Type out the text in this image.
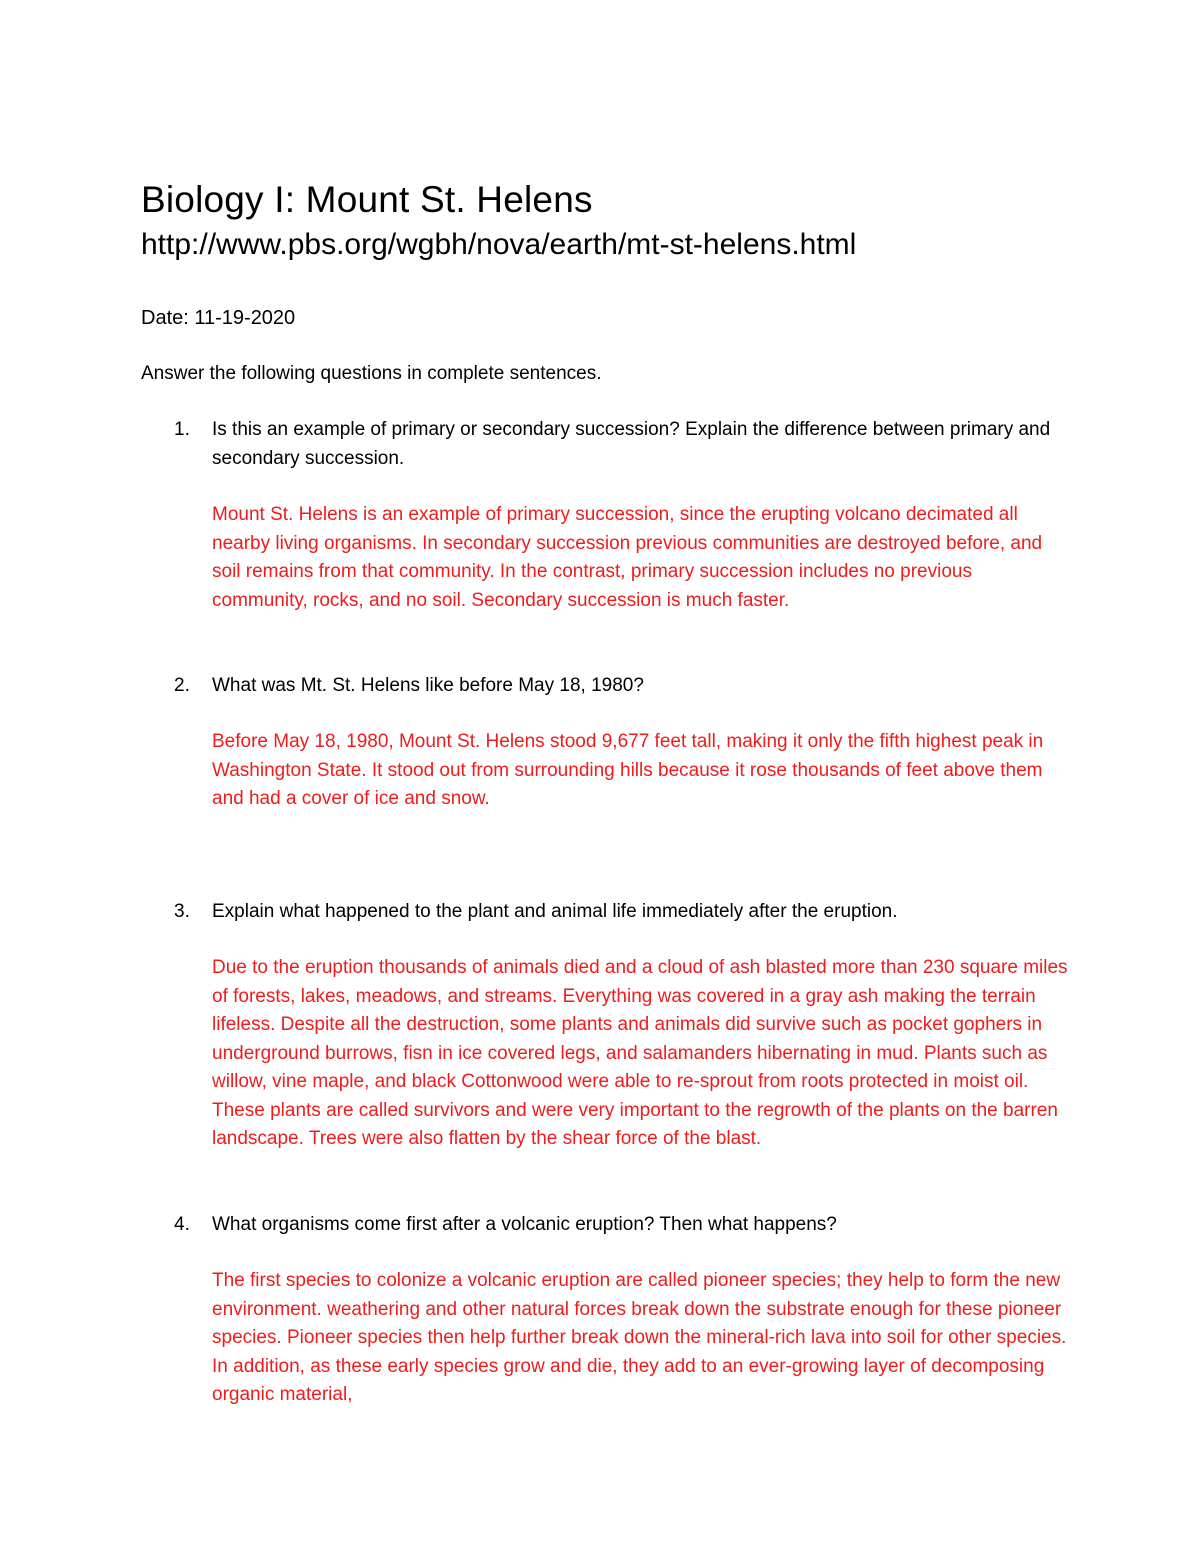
Biology I: Mount St. Helens
http://www.pbs.org/wgbh/nova/earth/mt-st-helens.html
Date: 11-19-2020
Answer the following questions in complete sentences.
1. Is this an example of primary or secondary succession? Explain the difference between primary and secondary succession.
Mount St. Helens is an example of primary succession, since the erupting volcano decimated all nearby living organisms. In secondary succession previous communities are destroyed before, and soil remains from that community. In the contrast, primary succession includes no previous community, rocks, and no soil. Secondary succession is much faster.
2. What was Mt. St. Helens like before May 18, 1980?
Before May 18, 1980, Mount St. Helens stood 9,677 feet tall, making it only the fifth highest peak in Washington State. It stood out from surrounding hills because it rose thousands of feet above them and had a cover of ice and snow.
3. Explain what happened to the plant and animal life immediately after the eruption.
Due to the eruption thousands of animals died and a cloud of ash blasted more than 230 square miles of forests, lakes, meadows, and streams. Everything was covered in a gray ash making the terrain lifeless. Despite all the destruction, some plants and animals did survive such as pocket gophers in underground burrows, fisn in ice covered legs, and salamanders hibernating in mud. Plants such as willow, vine maple, and black Cottonwood were able to re-sprout from roots protected in moist oil. These plants are called survivors and were very important to the regrowth of the plants on the barren landscape. Trees were also flatten by the shear force of the blast.
4. What organisms come first after a volcanic eruption? Then what happens?
The first species to colonize a volcanic eruption are called pioneer species; they help to form the new environment. weathering and other natural forces break down the substrate enough for these pioneer species. Pioneer species then help further break down the mineral-rich lava into soil for other species. In addition, as these early species grow and die, they add to an ever-growing layer of decomposing organic material,
